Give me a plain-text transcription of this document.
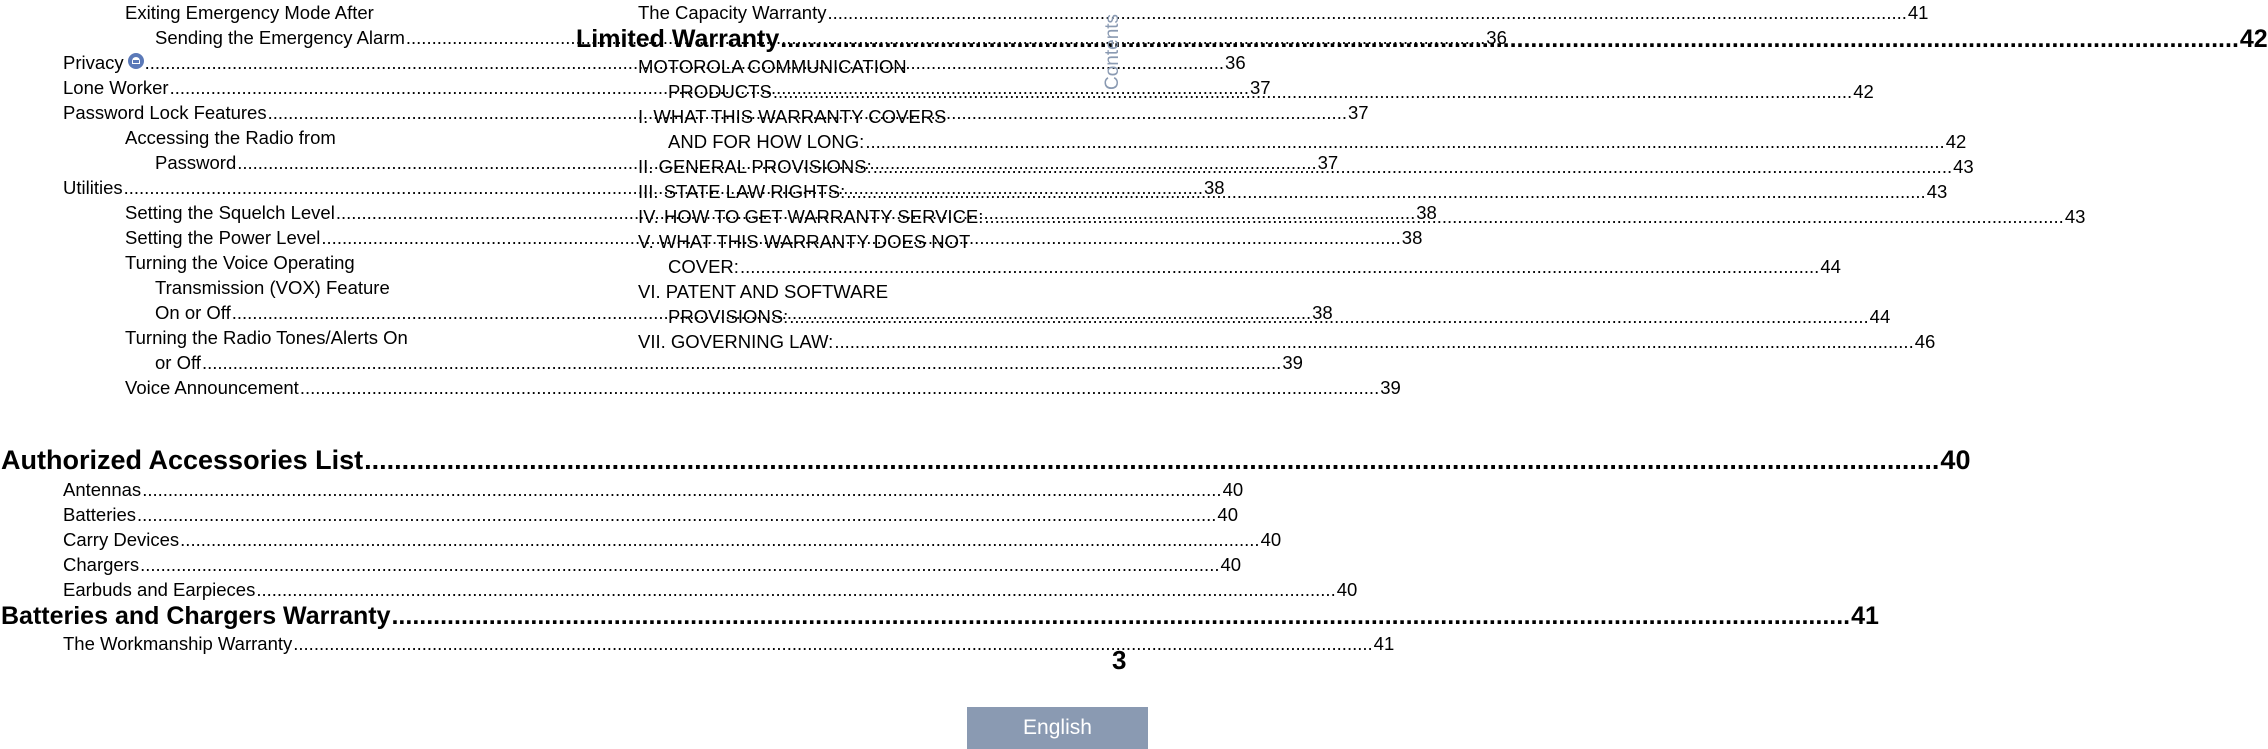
Exiting Emergency Mode After
Sending the Emergency Alarm .....	36
Privacy .....	36
Lone Worker .....	37
Password Lock Features .....	37
Accessing the Radio from
Password .....	37
Utilities .....	38
Setting the Squelch Level .....	38
Setting the Power Level .....	38
Turning the Voice Operating
Transmission (VOX) Feature
On or Off .....	38
Turning the Radio Tones/Alerts On
or Off .....	39
Voice Announcement .....	39
Authorized Accessories List .....	40
Antennas .....	40
Batteries .....	40
Carry Devices .....	40
Chargers .....	40
Earbuds and Earpieces .....	40
Batteries and Chargers Warranty .....	41
The Workmanship Warranty .....	41
The Capacity Warranty .....	41
Limited Warranty .....	42
MOTOROLA COMMUNICATION
PRODUCTS .....	42
I. WHAT THIS WARRANTY COVERS
AND FOR HOW LONG: .....	42
II. GENERAL PROVISIONS: .....	43
III. STATE LAW RIGHTS: .....	43
IV. HOW TO GET WARRANTY SERVICE: .....	43
V. WHAT THIS WARRANTY DOES NOT
COVER: .....	44
VI. PATENT AND SOFTWARE
PROVISIONS: .....	44
VII. GOVERNING LAW: .....	46
Contents
3
English
